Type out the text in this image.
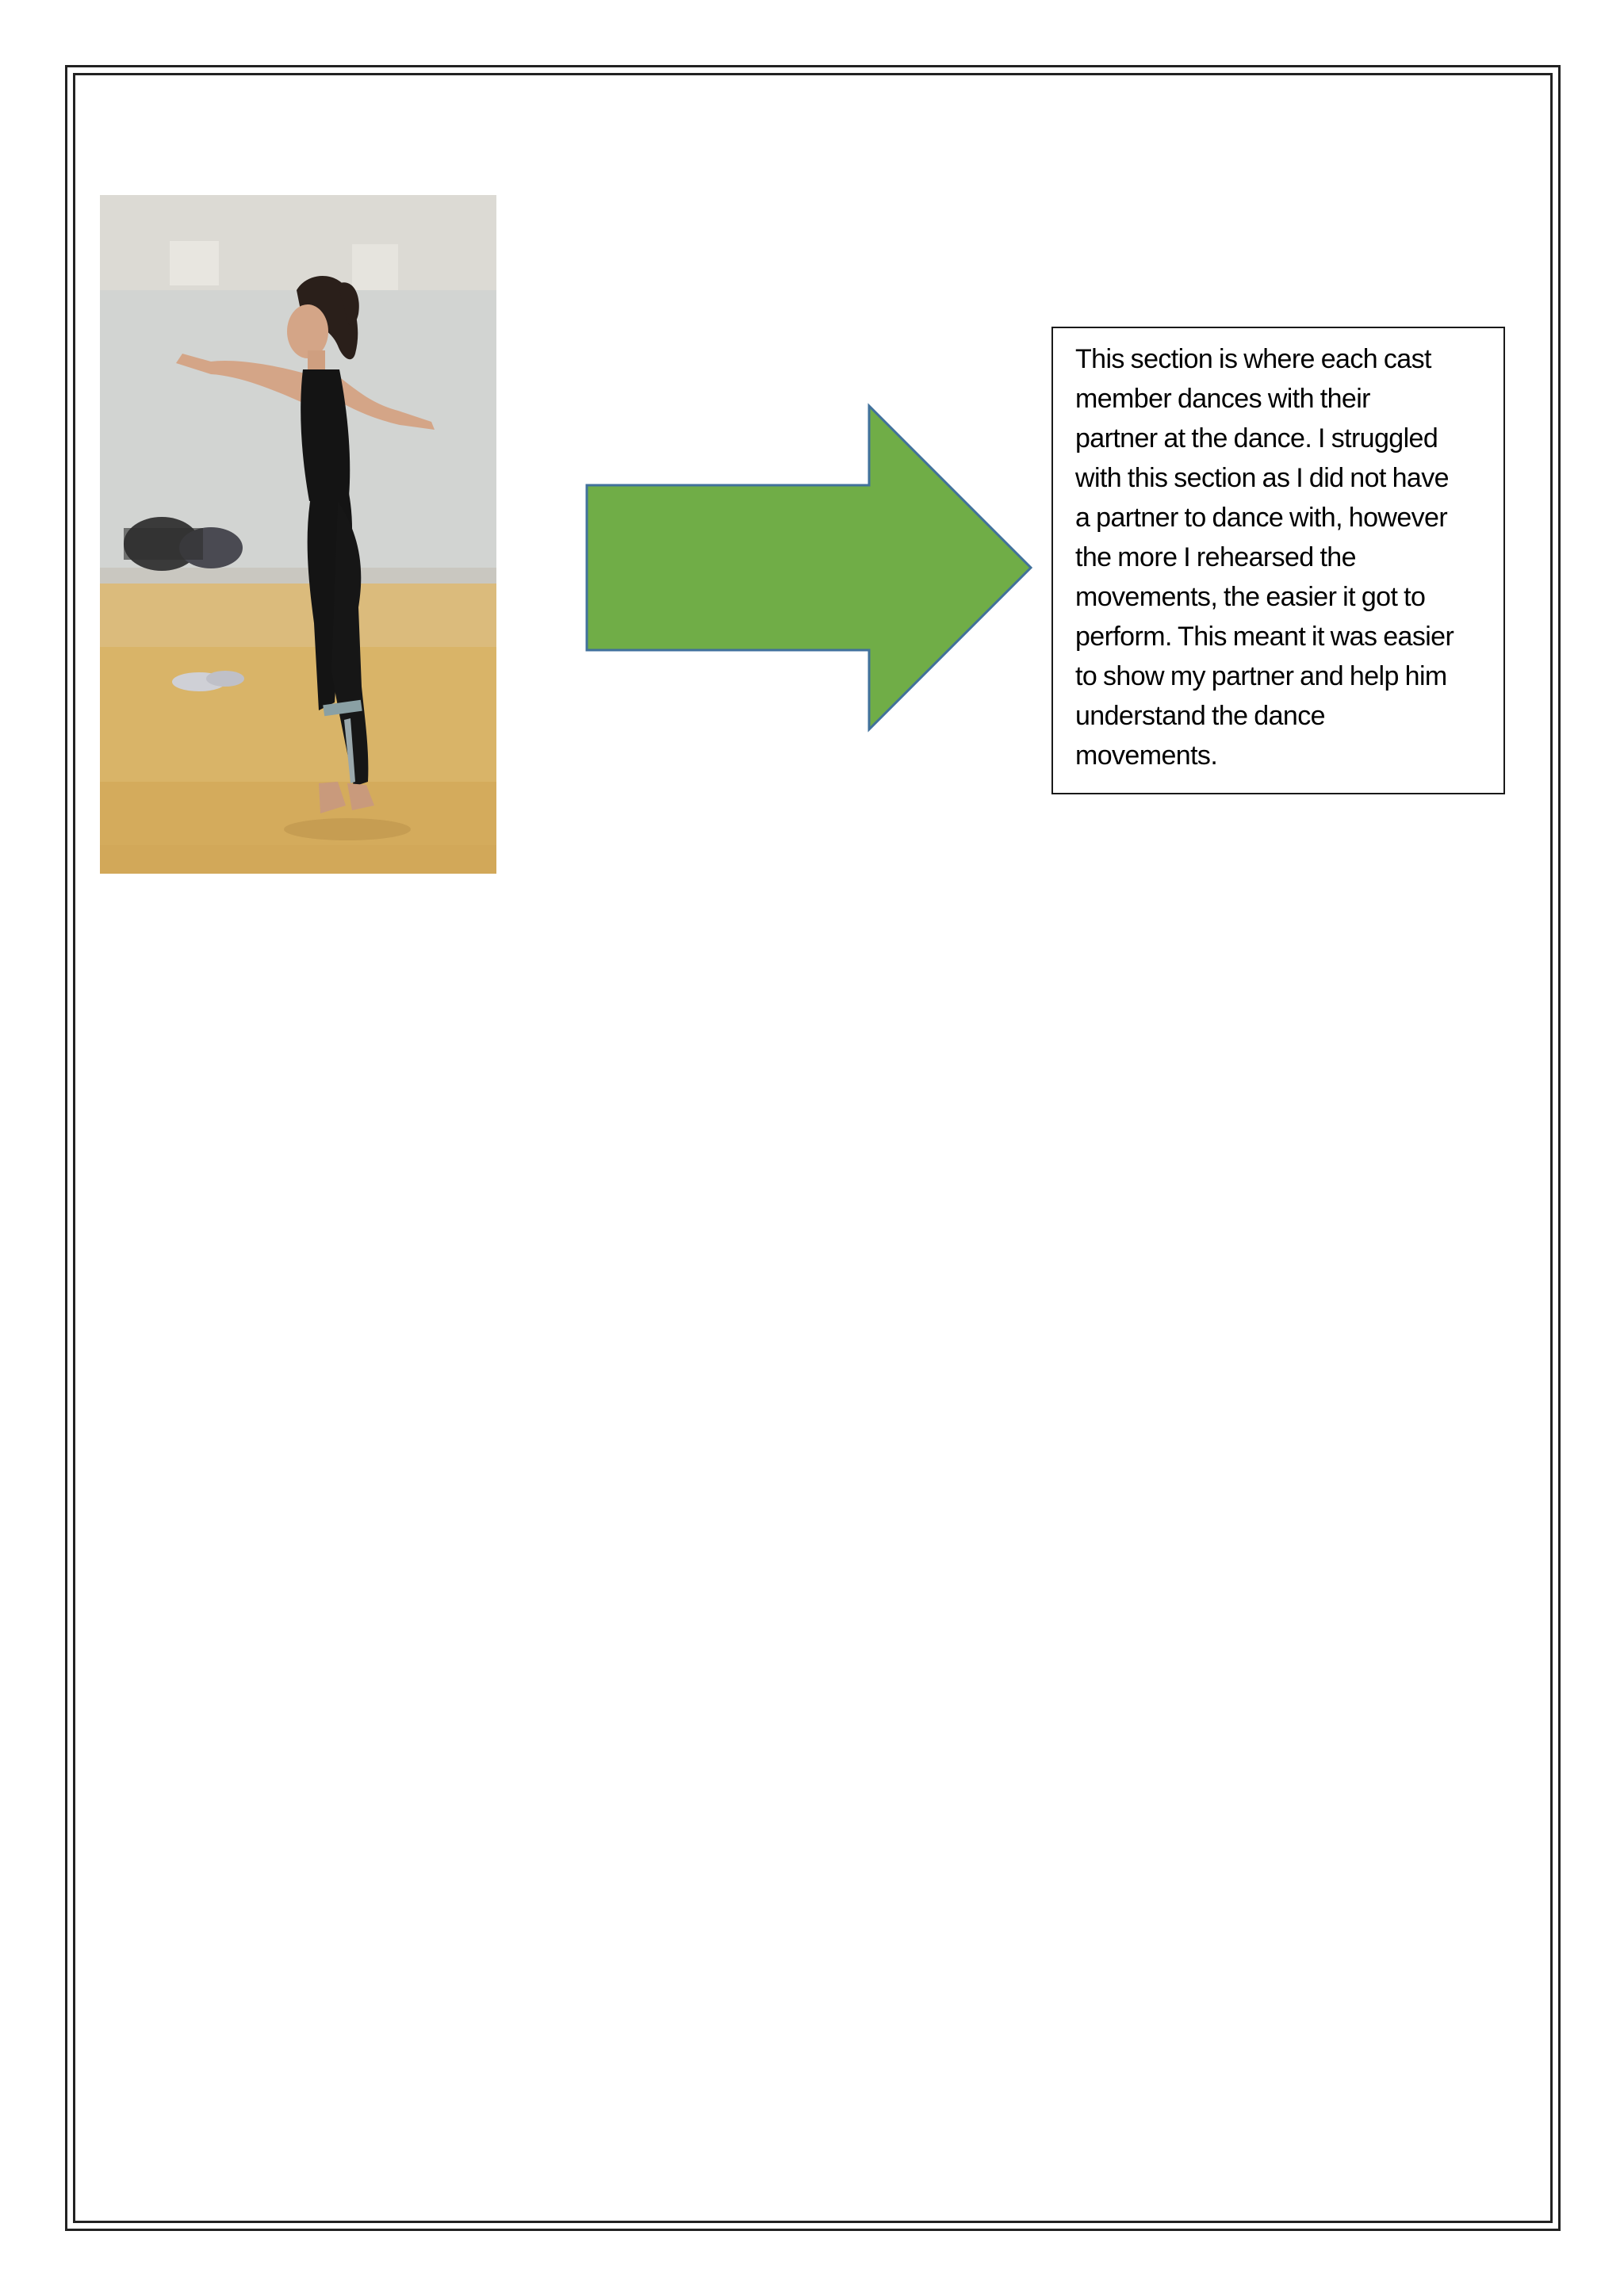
This section is where each cast

member dances with their

partner at the dance. I struggled

with this section as I did not have

a partner to dance with, however

the more I rehearsed the

movements, the easier it got to

perform. This meant it was easier

to show my partner and help him

understand the dance

movements.
